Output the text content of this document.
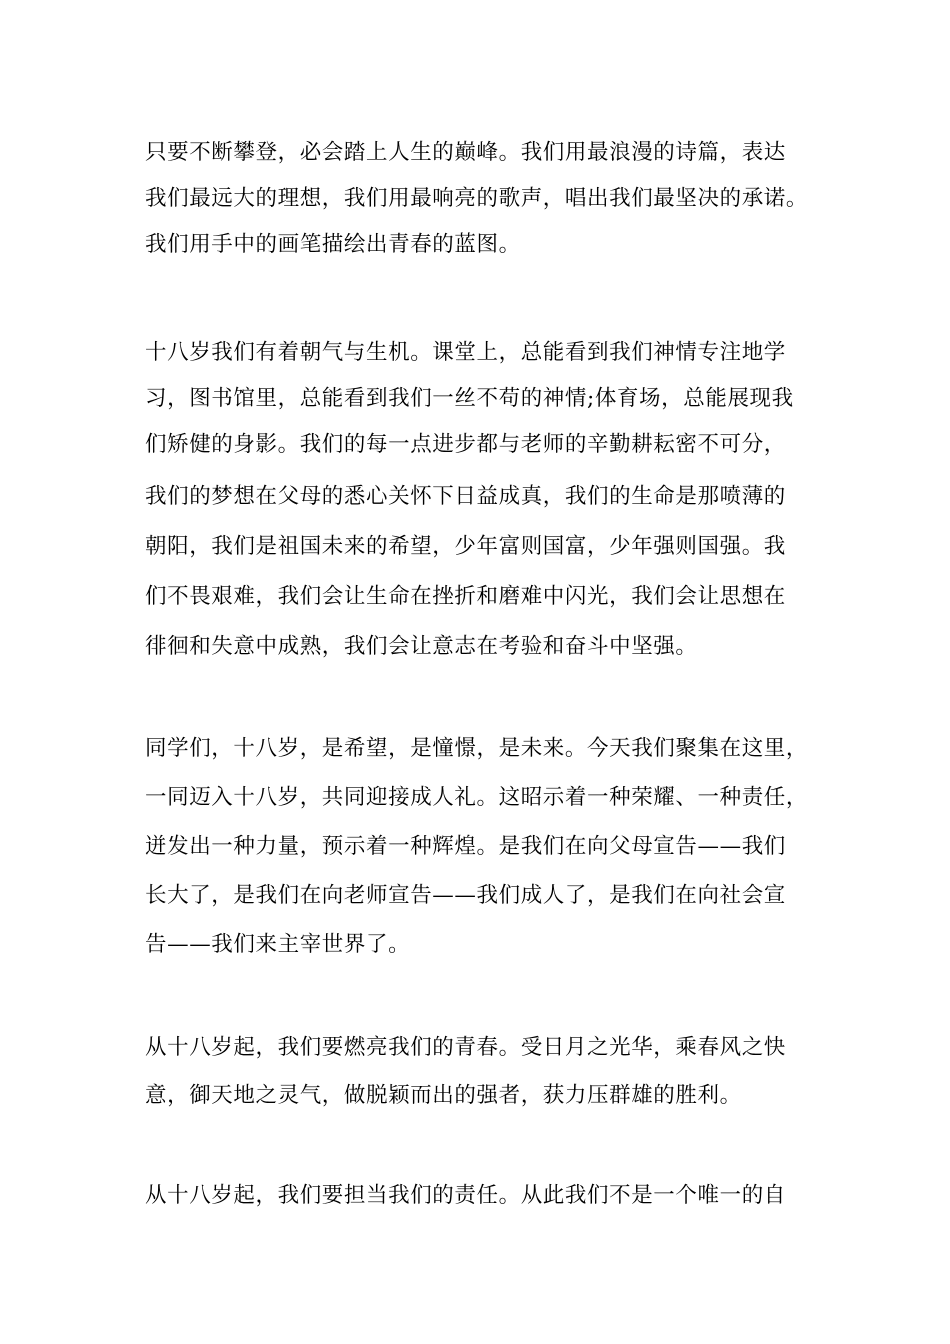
只要不断攀登，必会踏上人生的巅峰。我们用最浪漫的诗篇，表达
我们最远大的理想，我们用最响亮的歌声，唱出我们最坚决的承诺。
我们用手中的画笔描绘出青春的蓝图。
十八岁我们有着朝气与生机。课堂上，总能看到我们神情专注地学
习，图书馆里，总能看到我们一丝不苟的神情;体育场，总能展现我
们矫健的身影。我们的每一点进步都与老师的辛勤耕耘密不可分，
我们的梦想在父母的悉心关怀下日益成真，我们的生命是那喷薄的
朝阳，我们是祖国未来的希望，少年富则国富，少年强则国强。我
们不畏艰难，我们会让生命在挫折和磨难中闪光，我们会让思想在
徘徊和失意中成熟，我们会让意志在考验和奋斗中坚强。
同学们，十八岁，是希望，是憧憬，是未来。今天我们聚集在这里，
一同迈入十八岁，共同迎接成人礼。这昭示着一种荣耀、一种责任，
迸发出一种力量，预示着一种辉煌。是我们在向父母宣告——我们
长大了，是我们在向老师宣告——我们成人了，是我们在向社会宣
告——我们来主宰世界了。
从十八岁起，我们要燃亮我们的青春。受日月之光华，乘春风之快
意，御天地之灵气，做脱颖而出的强者，获力压群雄的胜利。
从十八岁起，我们要担当我们的责任。从此我们不是一个唯一的自
